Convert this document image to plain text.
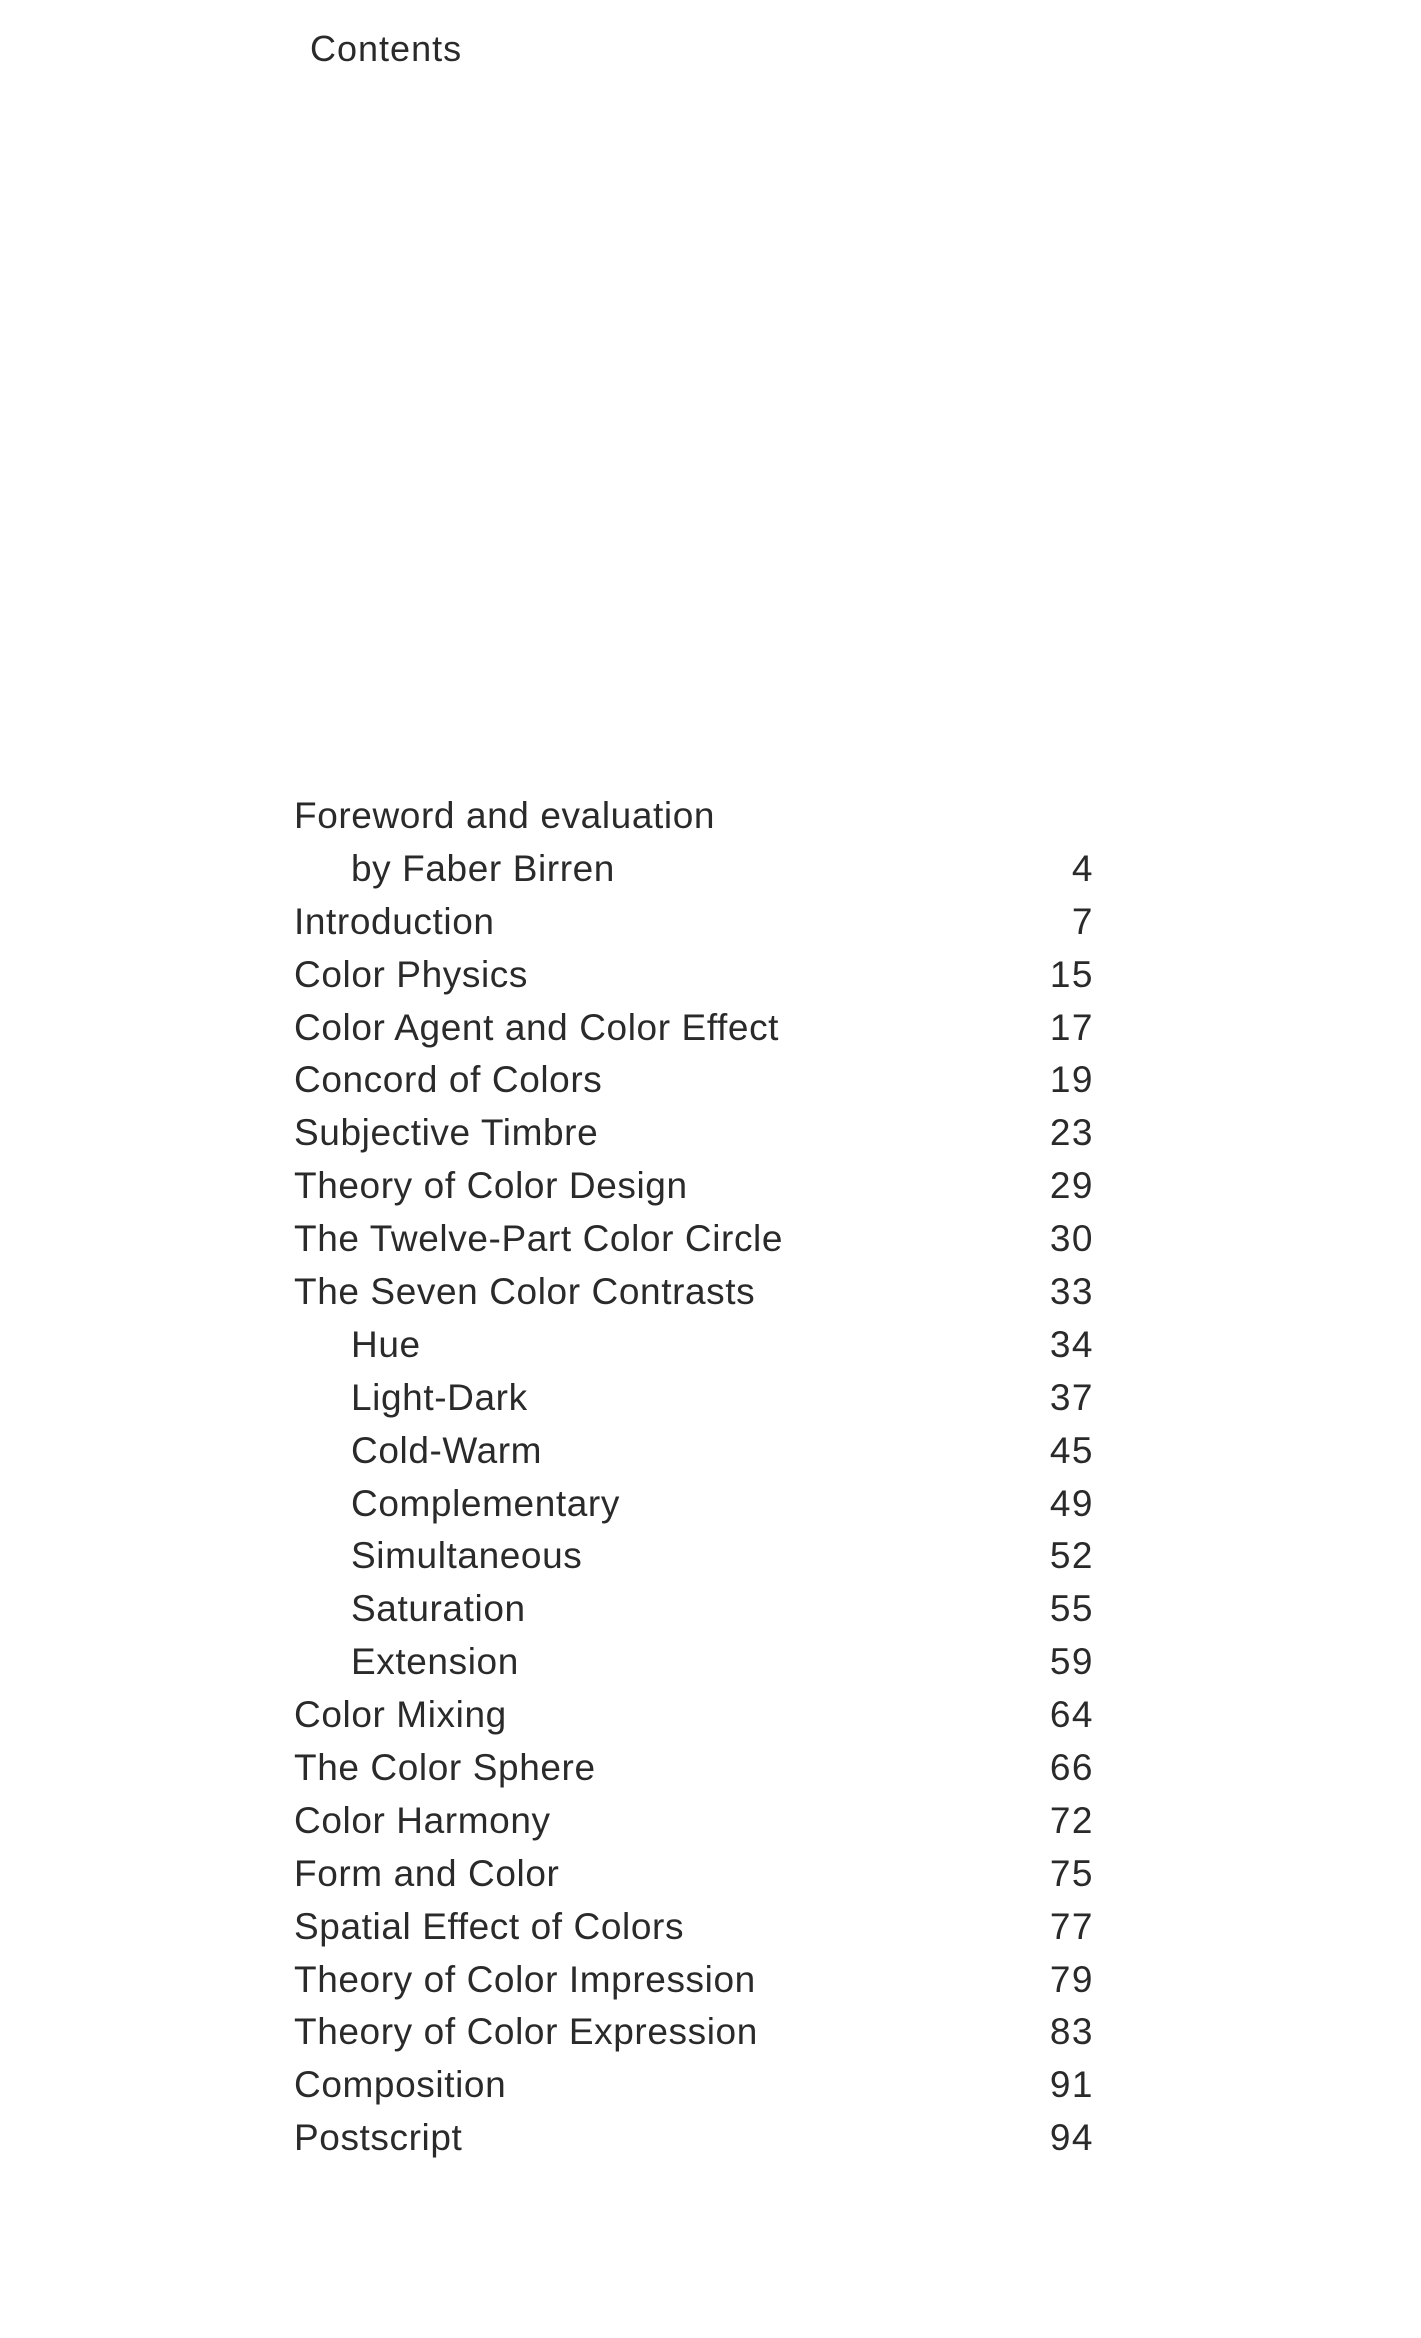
Contents
Foreword and evaluation
by Faber Birren	4
Introduction	7
Color Physics	15
Color Agent and Color Effect	17
Concord of Colors	19
Subjective Timbre	23
Theory of Color Design	29
The Twelve-Part Color Circle	30
The Seven Color Contrasts	33
Hue	34
Light-Dark	37
Cold-Warm	45
Complementary	49
Simultaneous	52
Saturation	55
Extension	59
Color Mixing	64
The Color Sphere	66
Color Harmony	72
Form and Color	75
Spatial Effect of Colors	77
Theory of Color Impression	79
Theory of Color Expression	83
Composition	91
Postscript	94
